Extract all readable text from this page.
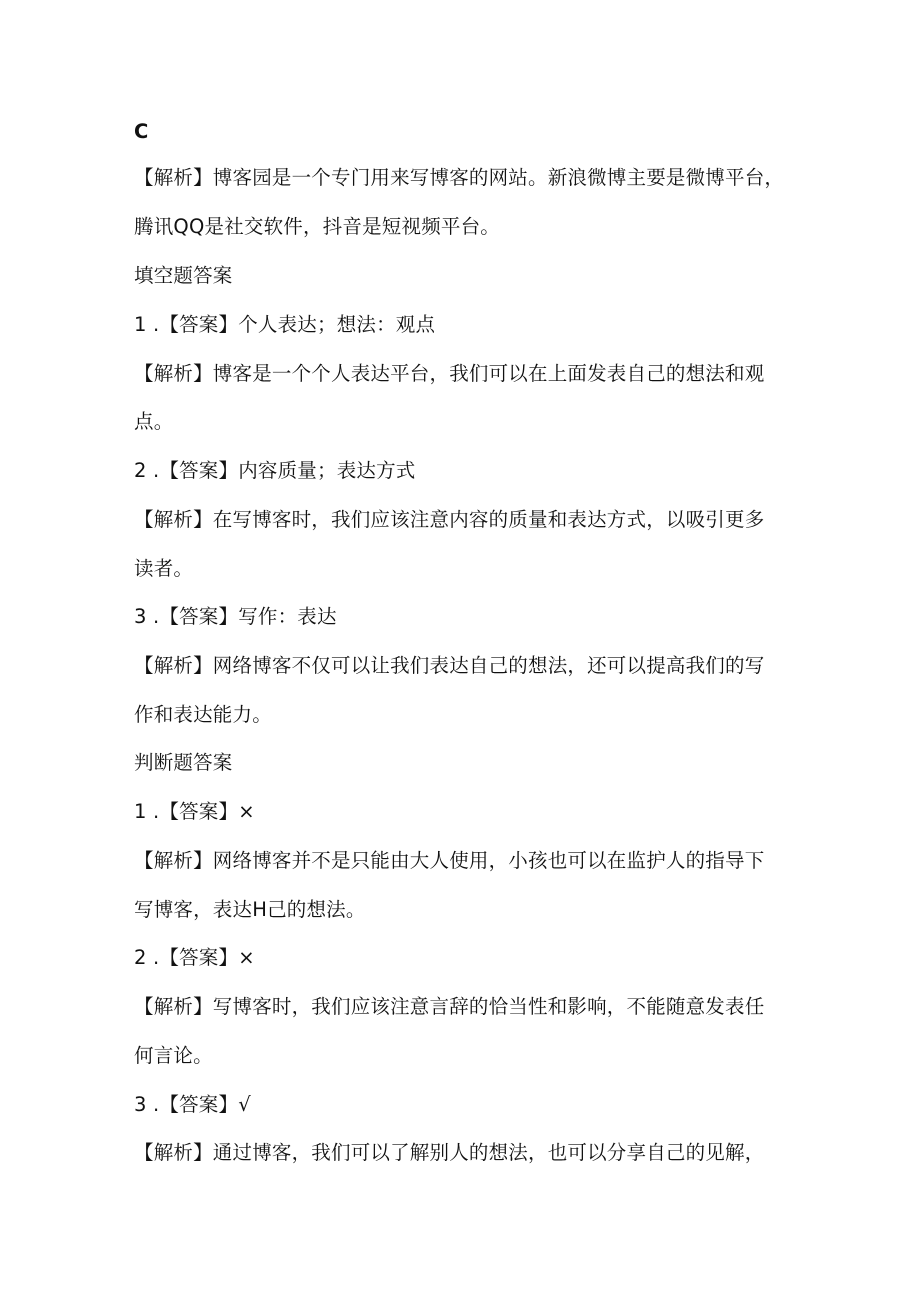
C
【解析】博客园是一个专门用来写博客的网站。新浪微博主要是微博平台，
腾讯QQ是社交软件，抖音是短视频平台。
填空题答案
1 .【答案】个人表达；想法：观点
【解析】博客是一个个人表达平台，我们可以在上面发表自己的想法和观
点。
2 .【答案】内容质量；表达方式
【解析】在写博客时，我们应该注意内容的质量和表达方式，以吸引更多
读者。
3 .【答案】写作：表达
【解析】网络博客不仅可以让我们表达自己的想法，还可以提高我们的写
作和表达能力。
判断题答案
1 .【答案】×
【解析】网络博客并不是只能由大人使用，小孩也可以在监护人的指导下
写博客，表达H己的想法。
2 .【答案】×
【解析】写博客时，我们应该注意言辞的恰当性和影响，不能随意发表任
何言论。
3 .【答案】√
【解析】通过博客，我们可以了解别人的想法，也可以分享自己的见解，
